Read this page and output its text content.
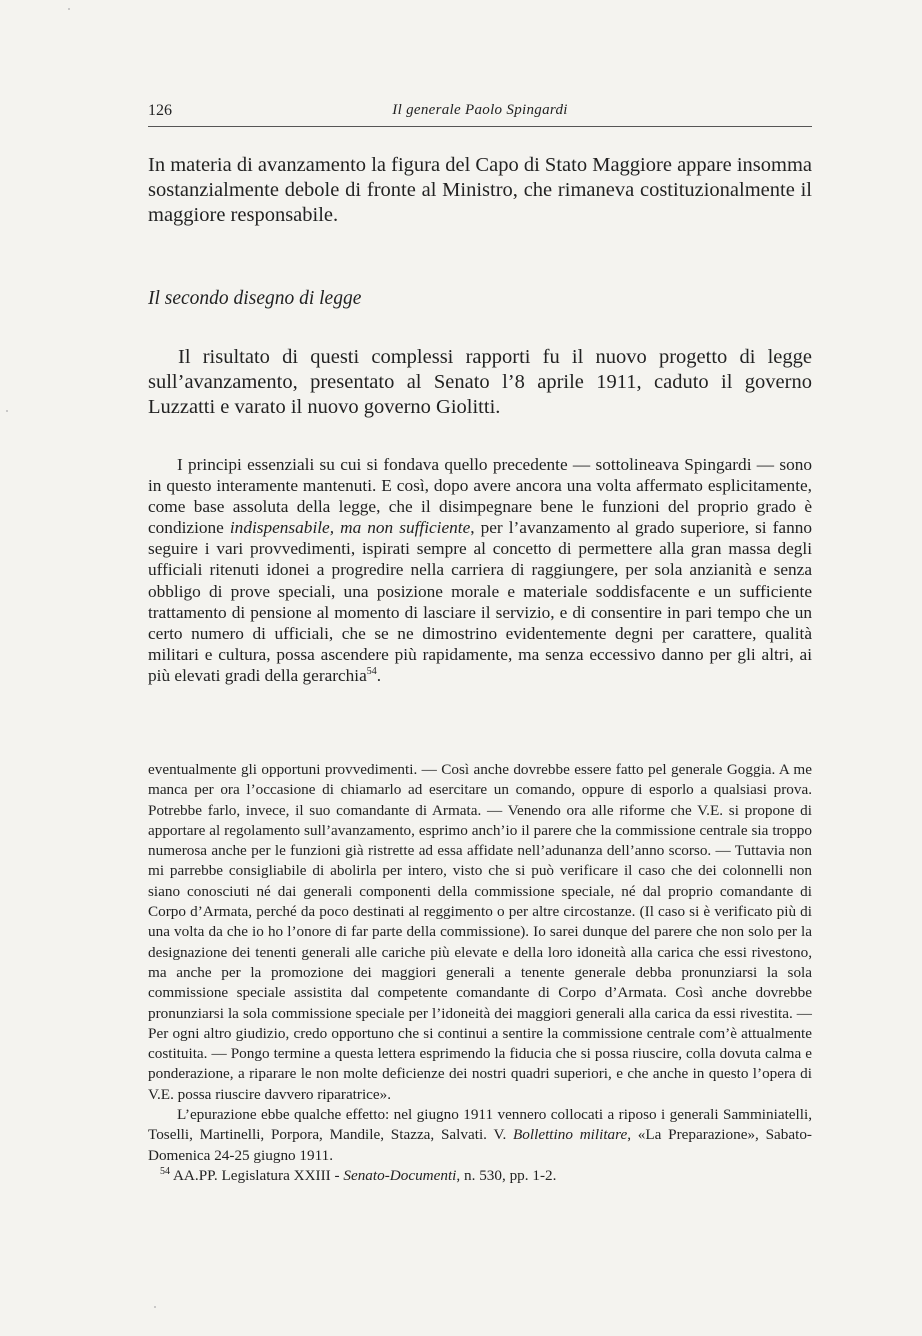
126	Il generale Paolo Spingardi

In materia di avanzamento la figura del Capo di Stato Maggiore appare insomma sostanzialmente debole di fronte al Ministro, che rimaneva costituzionalmente il maggiore responsabile.

Il secondo disegno di legge

Il risultato di questi complessi rapporti fu il nuovo progetto di legge sull’avanzamento, presentato al Senato l’8 aprile 1911, caduto il governo Luzzatti e varato il nuovo governo Giolitti.

I principi essenziali su cui si fondava quello precedente — sottolineava Spingardi — sono in questo interamente mantenuti. E così, dopo avere ancora una volta affermato esplicitamente, come base assoluta della legge, che il disimpegnare bene le funzioni del proprio grado è condizione indispensabile, ma non sufficiente, per l’avanzamento al grado superiore, si fanno seguire i vari provvedimenti, ispirati sempre al concetto di permettere alla gran massa degli ufficiali ritenuti idonei a progredire nella carriera di raggiungere, per sola anzianità e senza obbligo di prove speciali, una posizione morale e materiale soddisfacente e un sufficiente trattamento di pensione al momento di lasciare il servizio, e di consentire in pari tempo che un certo numero di ufficiali, che se ne dimostrino evidentemente degni per carattere, qualità militari e cultura, possa ascendere più rapidamente, ma senza eccessivo danno per gli altri, ai più elevati gradi della gerarchia$^{54}$.

eventualmente gli opportuni provvedimenti. — Così anche dovrebbe essere fatto pel generale Goggia. A me manca per ora l’occasione di chiamarlo ad esercitare un comando, oppure di esporlo a qualsiasi prova. Potrebbe farlo, invece, il suo comandante di Armata. — Venendo ora alle riforme che V.E. si propone di apportare al regolamento sull’avanzamento, esprimo anch’io il parere che la commissione centrale sia troppo numerosa anche per le funzioni già ristrette ad essa affidate nell’adunanza dell’anno scorso. — Tuttavia non mi parrebbe consigliabile di abolirla per intero, visto che si può verificare il caso che dei colonnelli non siano conosciuti né dai generali componenti della commissione speciale, né dal proprio comandante di Corpo d’Armata, perché da poco destinati al reggimento o per altre circostanze. (Il caso si è verificato più di una volta da che io ho l’onore di far parte della commissione). Io sarei dunque del parere che non solo per la designazione dei tenenti generali alle cariche più elevate e della loro idoneità alla carica che essi rivestono, ma anche per la promozione dei maggiori generali a tenente generale debba pronunziarsi la sola commissione speciale assistita dal competente comandante di Corpo d’Armata. Così anche dovrebbe pronunziarsi la sola commissione speciale per l’idoneità dei maggiori generali alla carica da essi rivestita. — Per ogni altro giudizio, credo opportuno che si continui a sentire la commissione centrale com’è attualmente costituita. — Pongo termine a questa lettera esprimendo la fiducia che si possa riuscire, colla dovuta calma e ponderazione, a riparare le non molte deficienze dei nostri quadri superiori, e che anche in questo l’opera di V.E. possa riuscire davvero riparatrice».

L’epurazione ebbe qualche effetto: nel giugno 1911 vennero collocati a riposo i generali Samminiatelli, Toselli, Martinelli, Porpora, Mandile, Stazza, Salvati. V. Bollettino militare, «La Preparazione», Sabato-Domenica 24-25 giugno 1911.

$^{54}$ AA.PP. Legislatura XXIII - Senato-Documenti, n. 530, pp. 1-2.
